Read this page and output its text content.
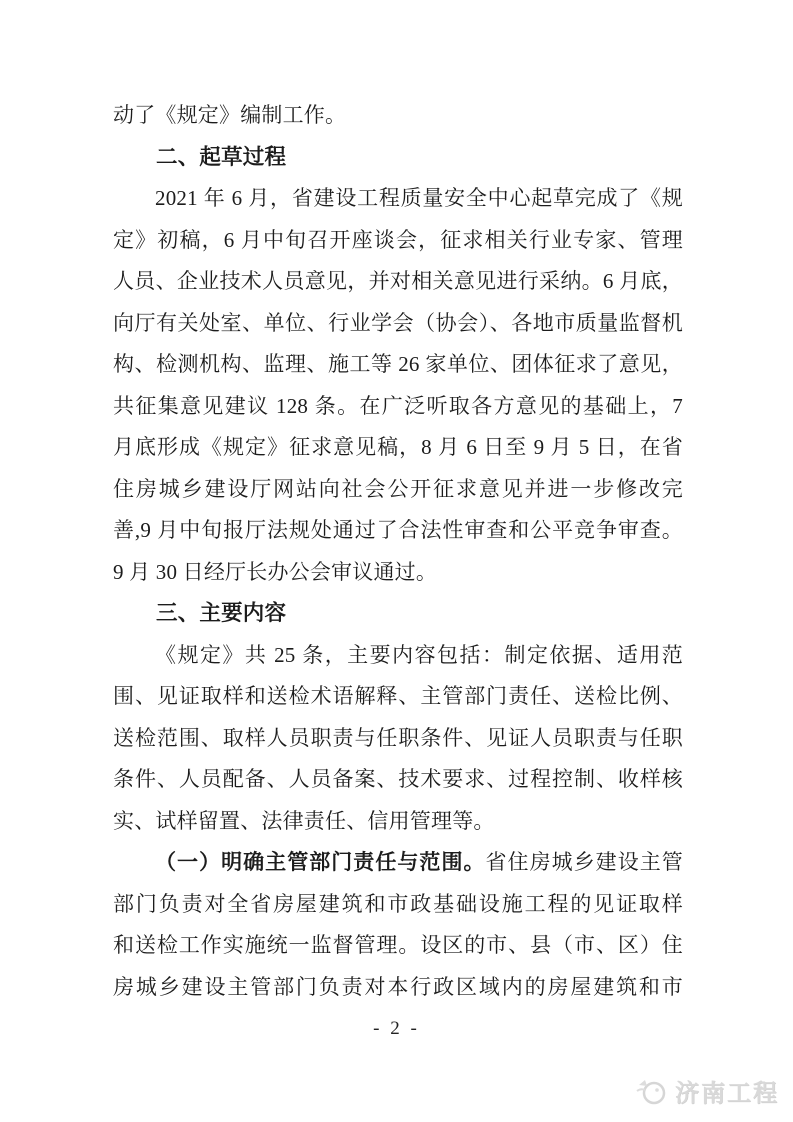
动了《规定》编制工作。
二、起草过程
2021 年 6 月，省建设工程质量安全中心起草完成了《规
定》初稿，6 月中旬召开座谈会，征求相关行业专家、管理
人员、企业技术人员意见，并对相关意见进行采纳。6 月底，
向厅有关处室、单位、行业学会（协会）、各地市质量监督机
构、检测机构、监理、施工等 26 家单位、团体征求了意见，
共征集意见建议 128 条。在广泛听取各方意见的基础上，7
月底形成《规定》征求意见稿，8 月 6 日至 9 月 5 日，在省
住房城乡建设厅网站向社会公开征求意见并进一步修改完
善,9 月中旬报厅法规处通过了合法性审查和公平竞争审查。
9 月 30 日经厅长办公会审议通过。
三、主要内容
《规定》共 25 条，主要内容包括：制定依据、适用范
围、见证取样和送检术语解释、主管部门责任、送检比例、
送检范围、取样人员职责与任职条件、见证人员职责与任职
条件、人员配备、人员备案、技术要求、过程控制、收样核
实、试样留置、法律责任、信用管理等。
（一）明确主管部门责任与范围。省住房城乡建设主管
部门负责对全省房屋建筑和市政基础设施工程的见证取样
和送检工作实施统一监督管理。设区的市、县（市、区）住
房城乡建设主管部门负责对本行政区域内的房屋建筑和市
- 2 -
济南工程
